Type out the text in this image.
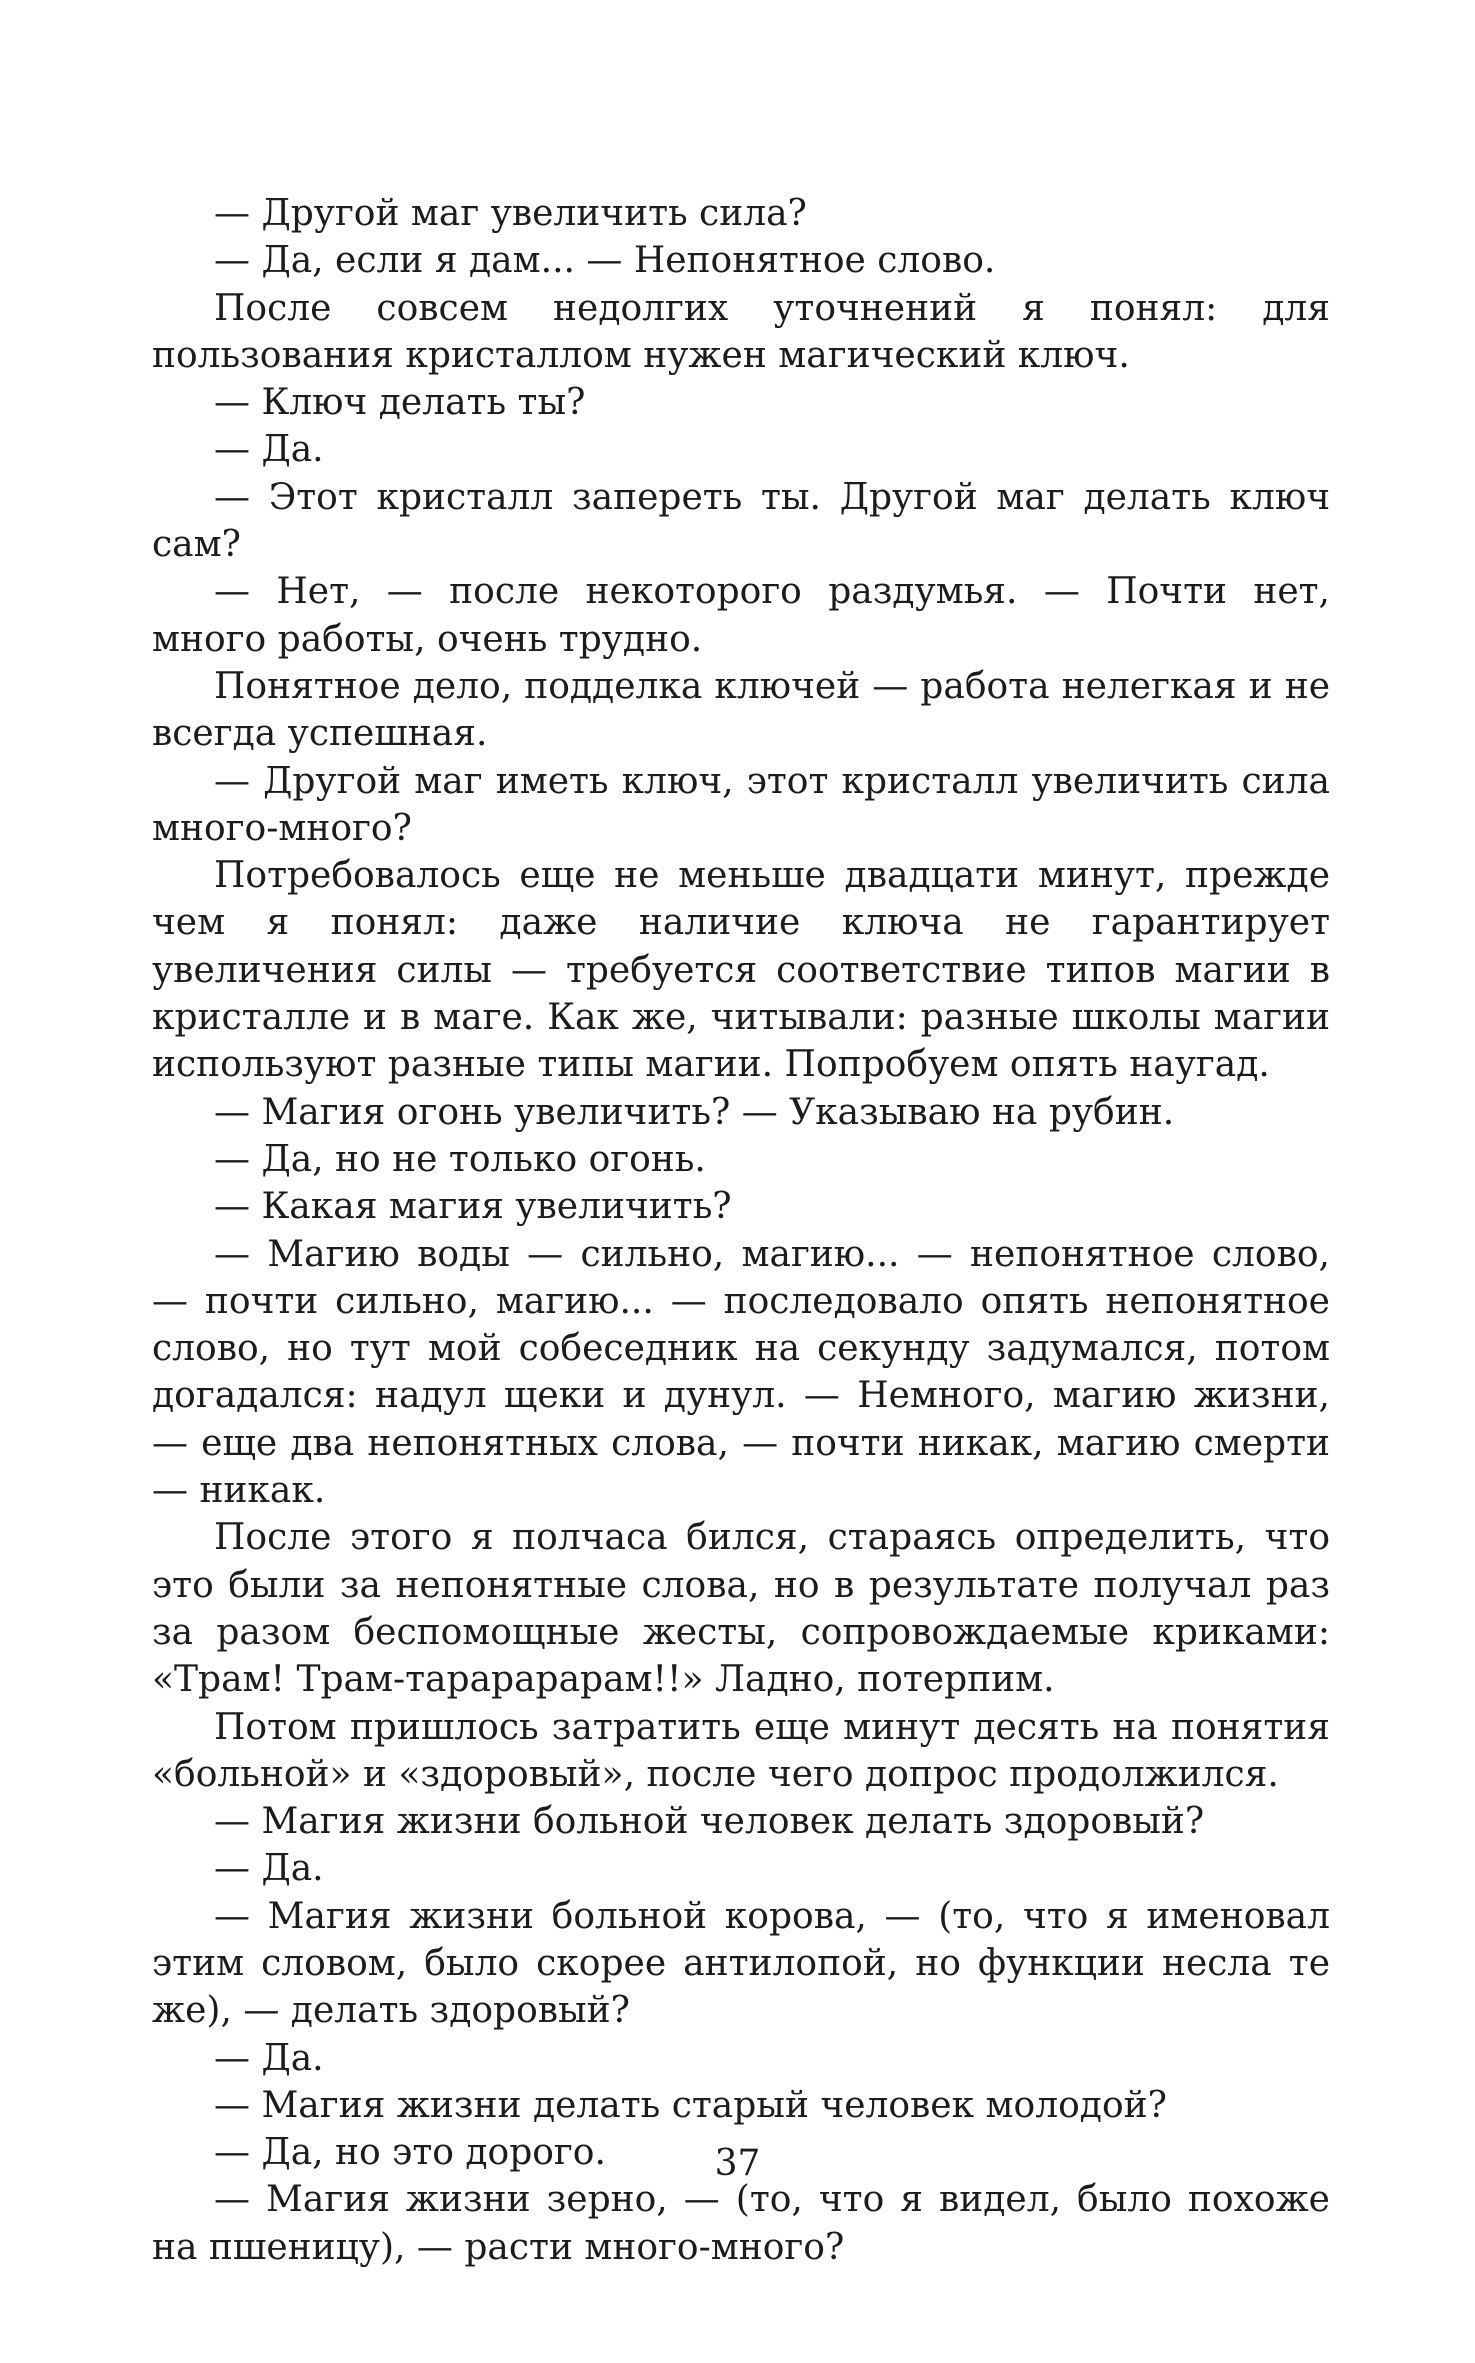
— Другой маг увеличить сила?

— Да, если я дам... — Непонятное слово.

После совсем недолгих уточнений я понял: для пользования кристаллом нужен магический ключ.

— Ключ делать ты?

— Да.

— Этот кристалл запереть ты. Другой маг делать ключ сам?

— Нет, — после некоторого раздумья. — Почти нет, много работы, очень трудно.

Понятное дело, подделка ключей — работа нелегкая и не всегда успешная.

— Другой маг иметь ключ, этот кристалл увеличить сила много-много?

Потребовалось еще не меньше двадцати минут, прежде чем я понял: даже наличие ключа не гарантирует увеличения силы — требуется соответствие типов магии в кристалле и в маге. Как же, читывали: разные школы магии используют разные типы магии. Попробуем опять наугад.

— Магия огонь увеличить? — Указываю на рубин.

— Да, но не только огонь.

— Какая магия увеличить?

— Магию воды — сильно, магию... — непонятное слово, — почти сильно, магию... — последовало опять непонятное слово, но тут мой собеседник на секунду задумался, потом догадался: надул щеки и дунул. — Немного, магию жизни, — еще два непонятных слова, — почти никак, магию смерти — никак.

После этого я полчаса бился, стараясь определить, что это были за непонятные слова, но в результате получал раз за разом беспомощные жесты, сопровождаемые криками: «Трам! Трам-тарарарарам!!» Ладно, потерпим.

Потом пришлось затратить еще минут десять на понятия «больной» и «здоровый», после чего допрос продолжился.

— Магия жизни больной человек делать здоровый?

— Да.

— Магия жизни больной корова, — (то, что я именовал этим словом, было скорее антилопой, но функции несла те же), — делать здоровый?

— Да.

— Магия жизни делать старый человек молодой?

— Да, но это дорого.

— Магия жизни зерно, — (то, что я видел, было похоже на пшеницу), — расти много-много?

37
